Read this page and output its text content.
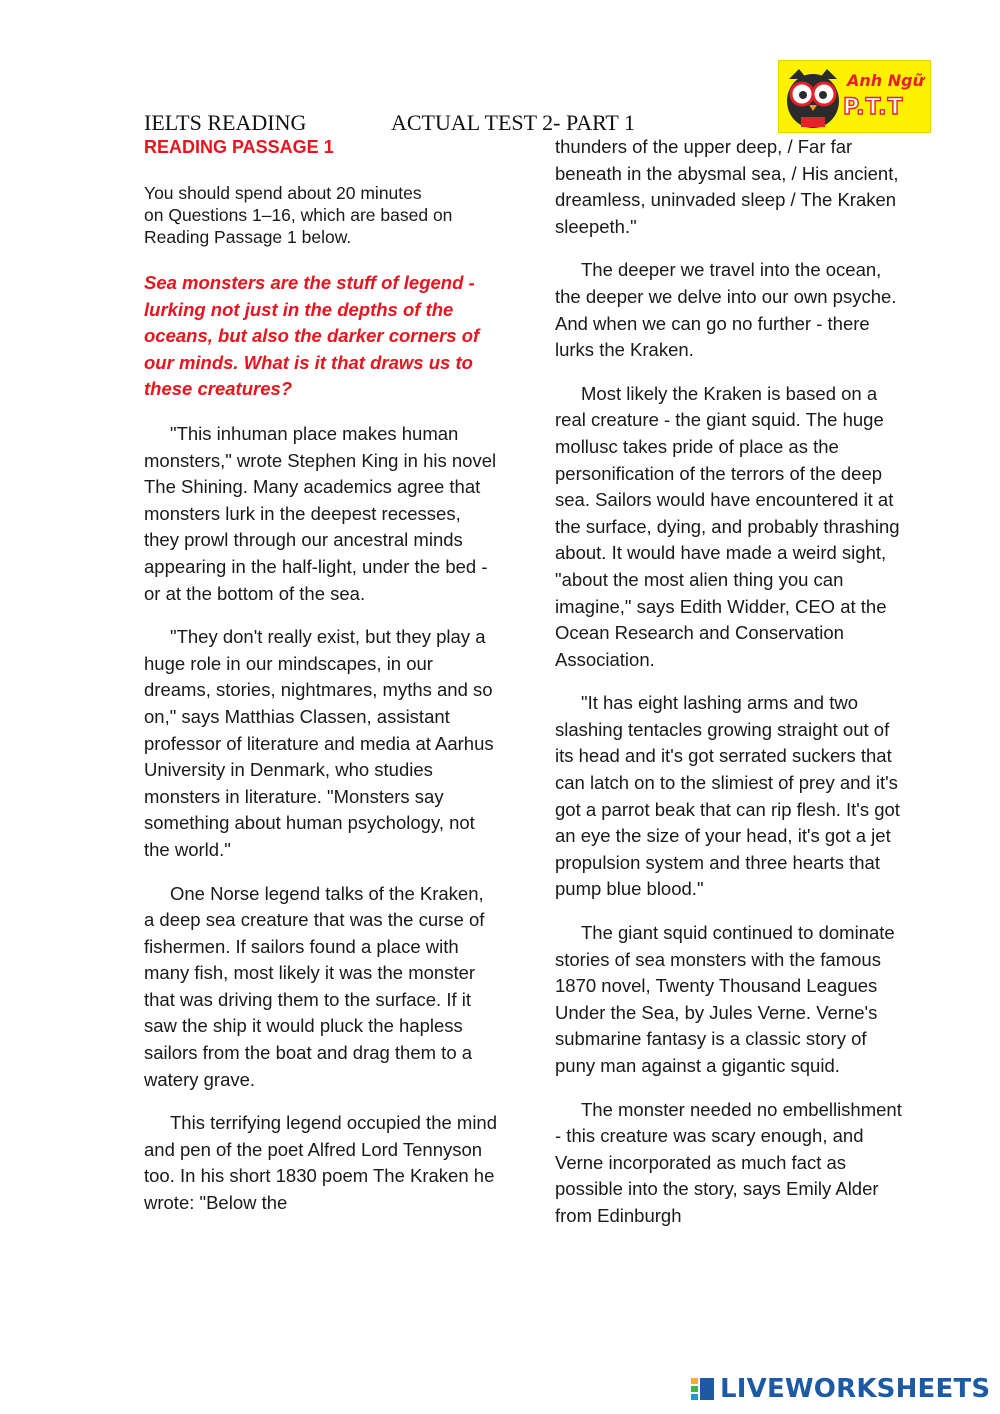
Anh Ngữ
P.T.T
IELTS READING	ACTUAL TEST 2- PART 1
READING PASSAGE 1
You should spend about 20 minutes
on Questions 1–16, which are based on
Reading Passage 1 below.

Sea monsters are the stuff of legend - lurking not just in the depths of the oceans, but also the darker corners of our minds. What is it that draws us to these creatures?

"This inhuman place makes human monsters," wrote Stephen King in his novel The Shining. Many academics agree that monsters lurk in the deepest recesses, they prowl through our ancestral minds appearing in the half-light, under the bed - or at the bottom of the sea.

"They don't really exist, but they play a huge role in our mindscapes, in our dreams, stories, nightmares, myths and so on," says Matthias Classen, assistant professor of literature and media at Aarhus University in Denmark, who studies monsters in literature. "Monsters say something about human psychology, not the world."

One Norse legend talks of the Kraken, a deep sea creature that was the curse of fishermen. If sailors found a place with many fish, most likely it was the monster that was driving them to the surface. If it saw the ship it would pluck the hapless sailors from the boat and drag them to a watery grave.

This terrifying legend occupied the mind and pen of the poet Alfred Lord Tennyson too. In his short 1830 poem The Kraken he wrote: "Below the

thunders of the upper deep, / Far far beneath in the abysmal sea, / His ancient, dreamless, uninvaded sleep / The Kraken sleepeth."

The deeper we travel into the ocean, the deeper we delve into our own psyche. And when we can go no further - there lurks the Kraken.

Most likely the Kraken is based on a real creature - the giant squid. The huge mollusc takes pride of place as the personification of the terrors of the deep sea. Sailors would have encountered it at the surface, dying, and probably thrashing about. It would have made a weird sight, "about the most alien thing you can imagine," says Edith Widder, CEO at the Ocean Research and Conservation Association.

"It has eight lashing arms and two slashing tentacles growing straight out of its head and it's got serrated suckers that can latch on to the slimiest of prey and it's got a parrot beak that can rip flesh. It's got an eye the size of your head, it's got a jet propulsion system and three hearts that pump blue blood."

The giant squid continued to dominate stories of sea monsters with the famous 1870 novel, Twenty Thousand Leagues Under the Sea, by Jules Verne. Verne's submarine fantasy is a classic story of puny man against a gigantic squid.

The monster needed no embellishment - this creature was scary enough, and Verne incorporated as much fact as possible into the story, says Emily Alder from Edinburgh

LIVEWORKSHEETS
